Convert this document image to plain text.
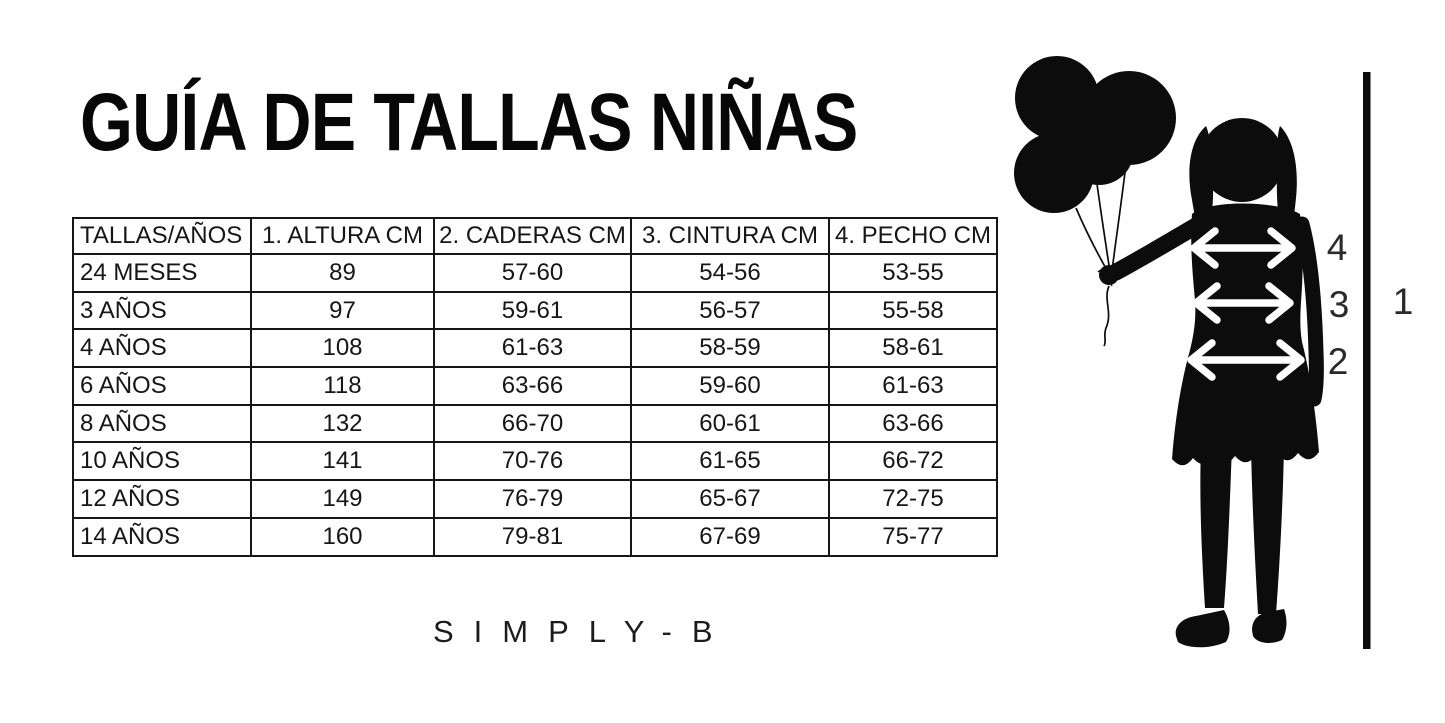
GUÍA DE TALLAS NIÑAS
TALLAS/AÑOS	1. ALTURA CM	2. CADERAS CM	3. CINTURA CM	4. PECHO CM
24 MESES	89	57-60	54-56	53-55
3 AÑOS	97	59-61	56-57	55-58
4 AÑOS	108	61-63	58-59	58-61
6 AÑOS	118	63-66	59-60	61-63
8 AÑOS	132	66-70	60-61	63-66
10 AÑOS	141	70-76	61-65	66-72
12 AÑOS	149	76-79	65-67	72-75
14 AÑOS	160	79-81	67-69	75-77
SIMPLY-B
4
3
2
1
